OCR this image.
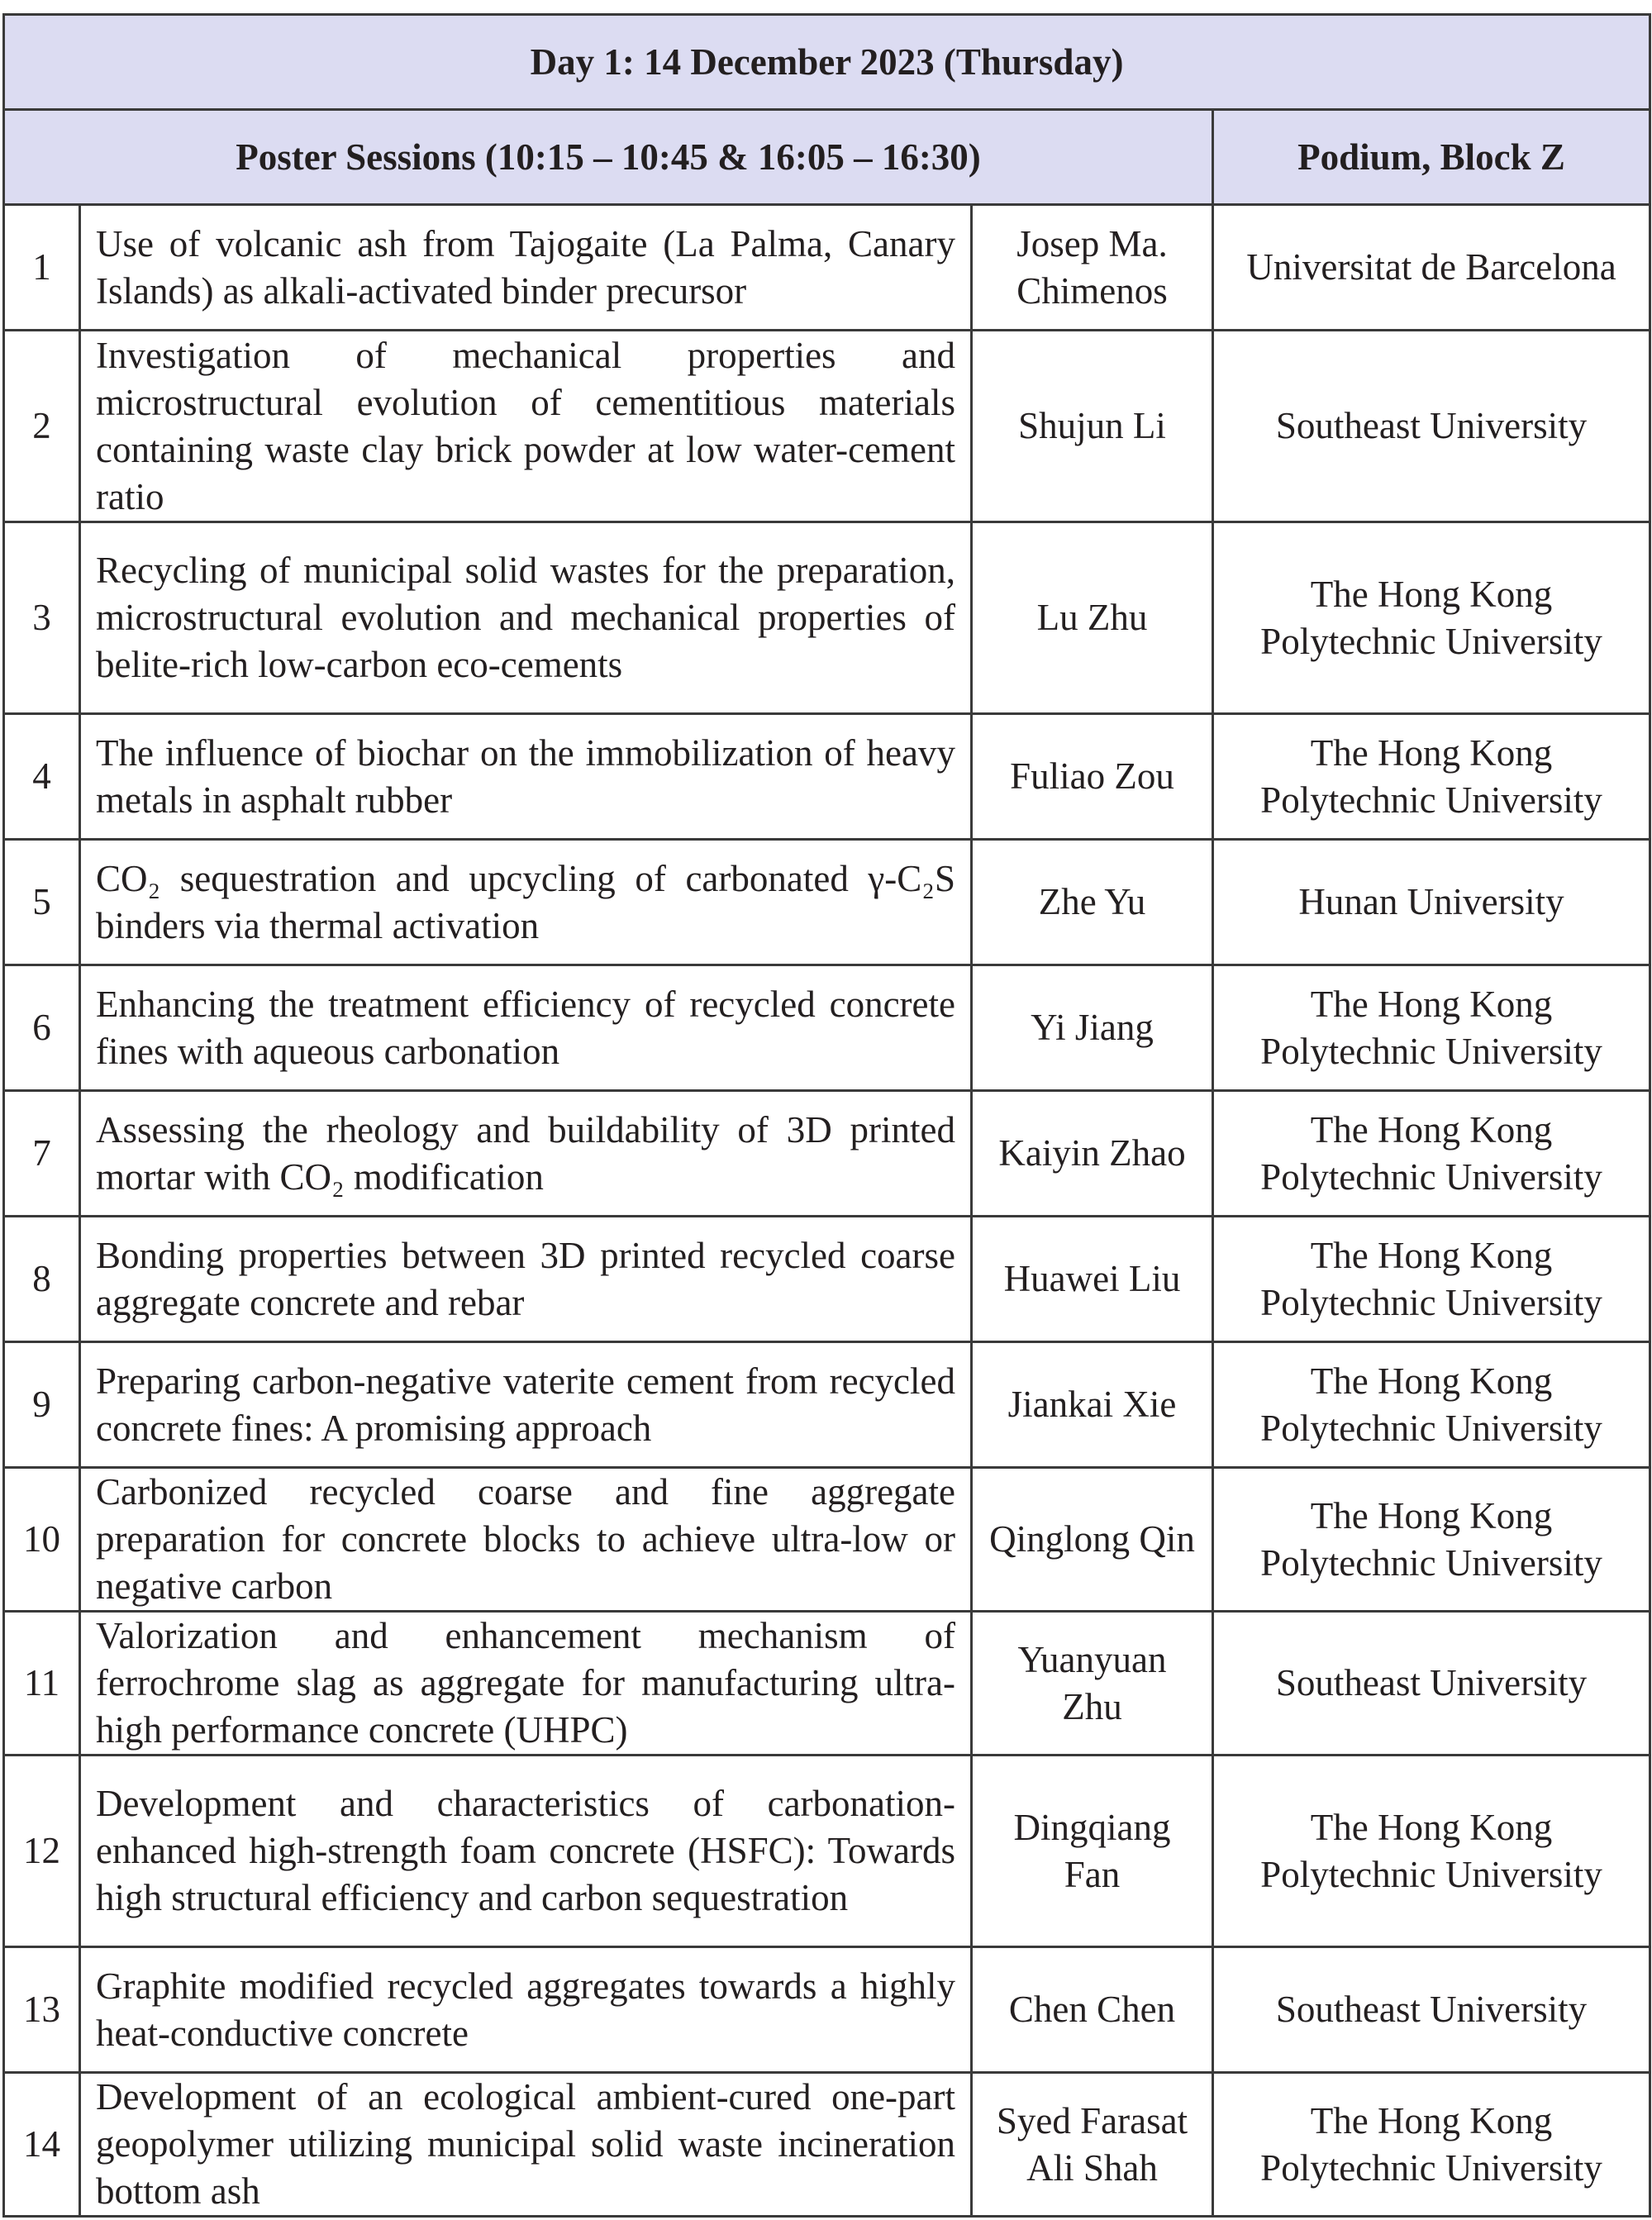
Day 1: 14 December 2023 (Thursday)			
Poster Sessions (10:15 – 10:45 & 16:05 – 16:30)			Podium, Block Z
1	Use of volcanic ash from Tajogaite (La Palma, Canary Islands) as alkali-activated binder precursor	Josep Ma. Chimenos	Universitat de Barcelona
2	Investigation of mechanical properties and microstructural evolution of cementitious materials containing waste clay brick powder at low water-cement ratio	Shujun Li	Southeast University
3	Recycling of municipal solid wastes for the preparation, microstructural evolution and mechanical properties of belite-rich low-carbon eco-cements	Lu Zhu	The Hong Kong Polytechnic University
4	The influence of biochar on the immobilization of heavy metals in asphalt rubber	Fuliao Zou	The Hong Kong Polytechnic University
5	CO₂ sequestration and upcycling of carbonated γ-C₂S binders via thermal activation	Zhe Yu	Hunan University
6	Enhancing the treatment efficiency of recycled concrete fines with aqueous carbonation	Yi Jiang	The Hong Kong Polytechnic University
7	Assessing the rheology and buildability of 3D printed mortar with CO₂ modification	Kaiyin Zhao	The Hong Kong Polytechnic University
8	Bonding properties between 3D printed recycled coarse aggregate concrete and rebar	Huawei Liu	The Hong Kong Polytechnic University
9	Preparing carbon-negative vaterite cement from recycled concrete fines: A promising approach	Jiankai Xie	The Hong Kong Polytechnic University
10	Carbonized recycled coarse and fine aggregate preparation for concrete blocks to achieve ultra-low or negative carbon	Qinglong Qin	The Hong Kong Polytechnic University
11	Valorization and enhancement mechanism of ferrochrome slag as aggregate for manufacturing ultra-high performance concrete (UHPC)	Yuanyuan Zhu	Southeast University
12	Development and characteristics of carbonation-enhanced high-strength foam concrete (HSFC): Towards high structural efficiency and carbon sequestration	Dingqiang Fan	The Hong Kong Polytechnic University
13	Graphite modified recycled aggregates towards a highly heat-conductive concrete	Chen Chen	Southeast University
14	Development of an ecological ambient-cured one-part geopolymer utilizing municipal solid waste incineration bottom ash	Syed Farasat Ali Shah	The Hong Kong Polytechnic University
